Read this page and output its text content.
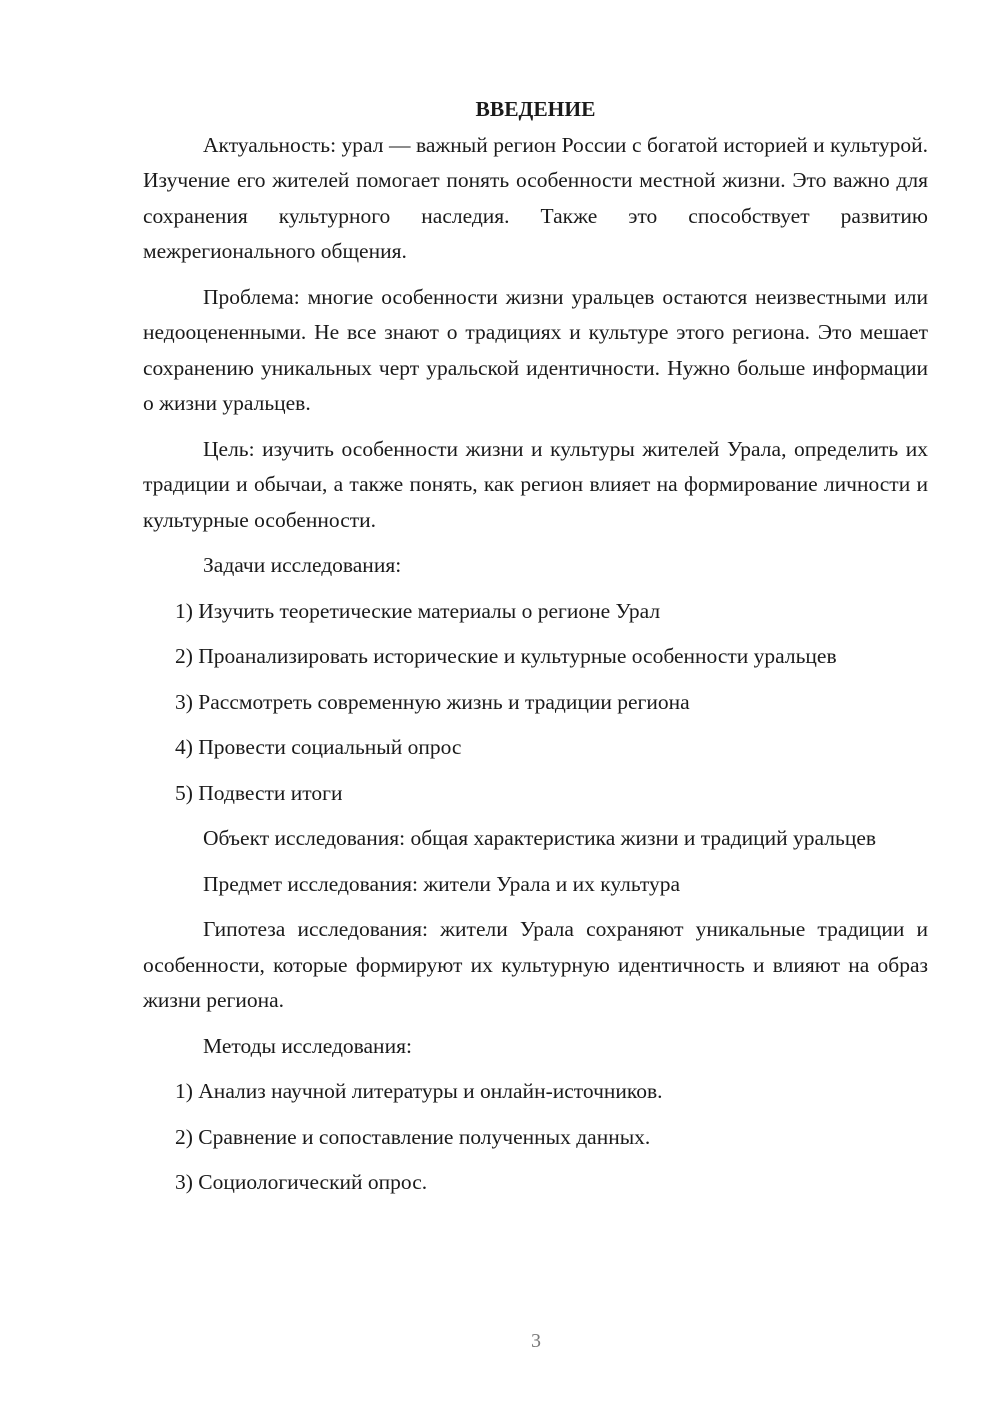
ВВЕДЕНИЕ

Актуальность: урал — важный регион России с богатой историей и культурой. Изучение его жителей помогает понять особенности местной жизни. Это важно для сохранения культурного наследия. Также это способствует развитию межрегионального общения.

Проблема: многие особенности жизни уральцев остаются неизвестными или недооцененными. Не все знают о традициях и культуре этого региона. Это мешает сохранению уникальных черт уральской идентичности. Нужно больше информации о жизни уральцев.

Цель: изучить особенности жизни и культуры жителей Урала, определить их традиции и обычаи, а также понять, как регион влияет на формирование личности и культурные особенности.

Задачи исследования:

1) Изучить теоретические материалы о регионе Урал

2) Проанализировать исторические и культурные особенности уральцев

3) Рассмотреть современную жизнь и традиции региона

4) Провести социальный опрос

5) Подвести итоги

Объект исследования: общая характеристика жизни и традиций уральцев

Предмет исследования: жители Урала и их культура

Гипотеза исследования: жители Урала сохраняют уникальные традиции и особенности, которые формируют их культурную идентичность и влияют на образ жизни региона.

Методы исследования:

1) Анализ научной литературы и онлайн-источников.

2) Сравнение и сопоставление полученных данных.

3) Социологический опрос.

3
